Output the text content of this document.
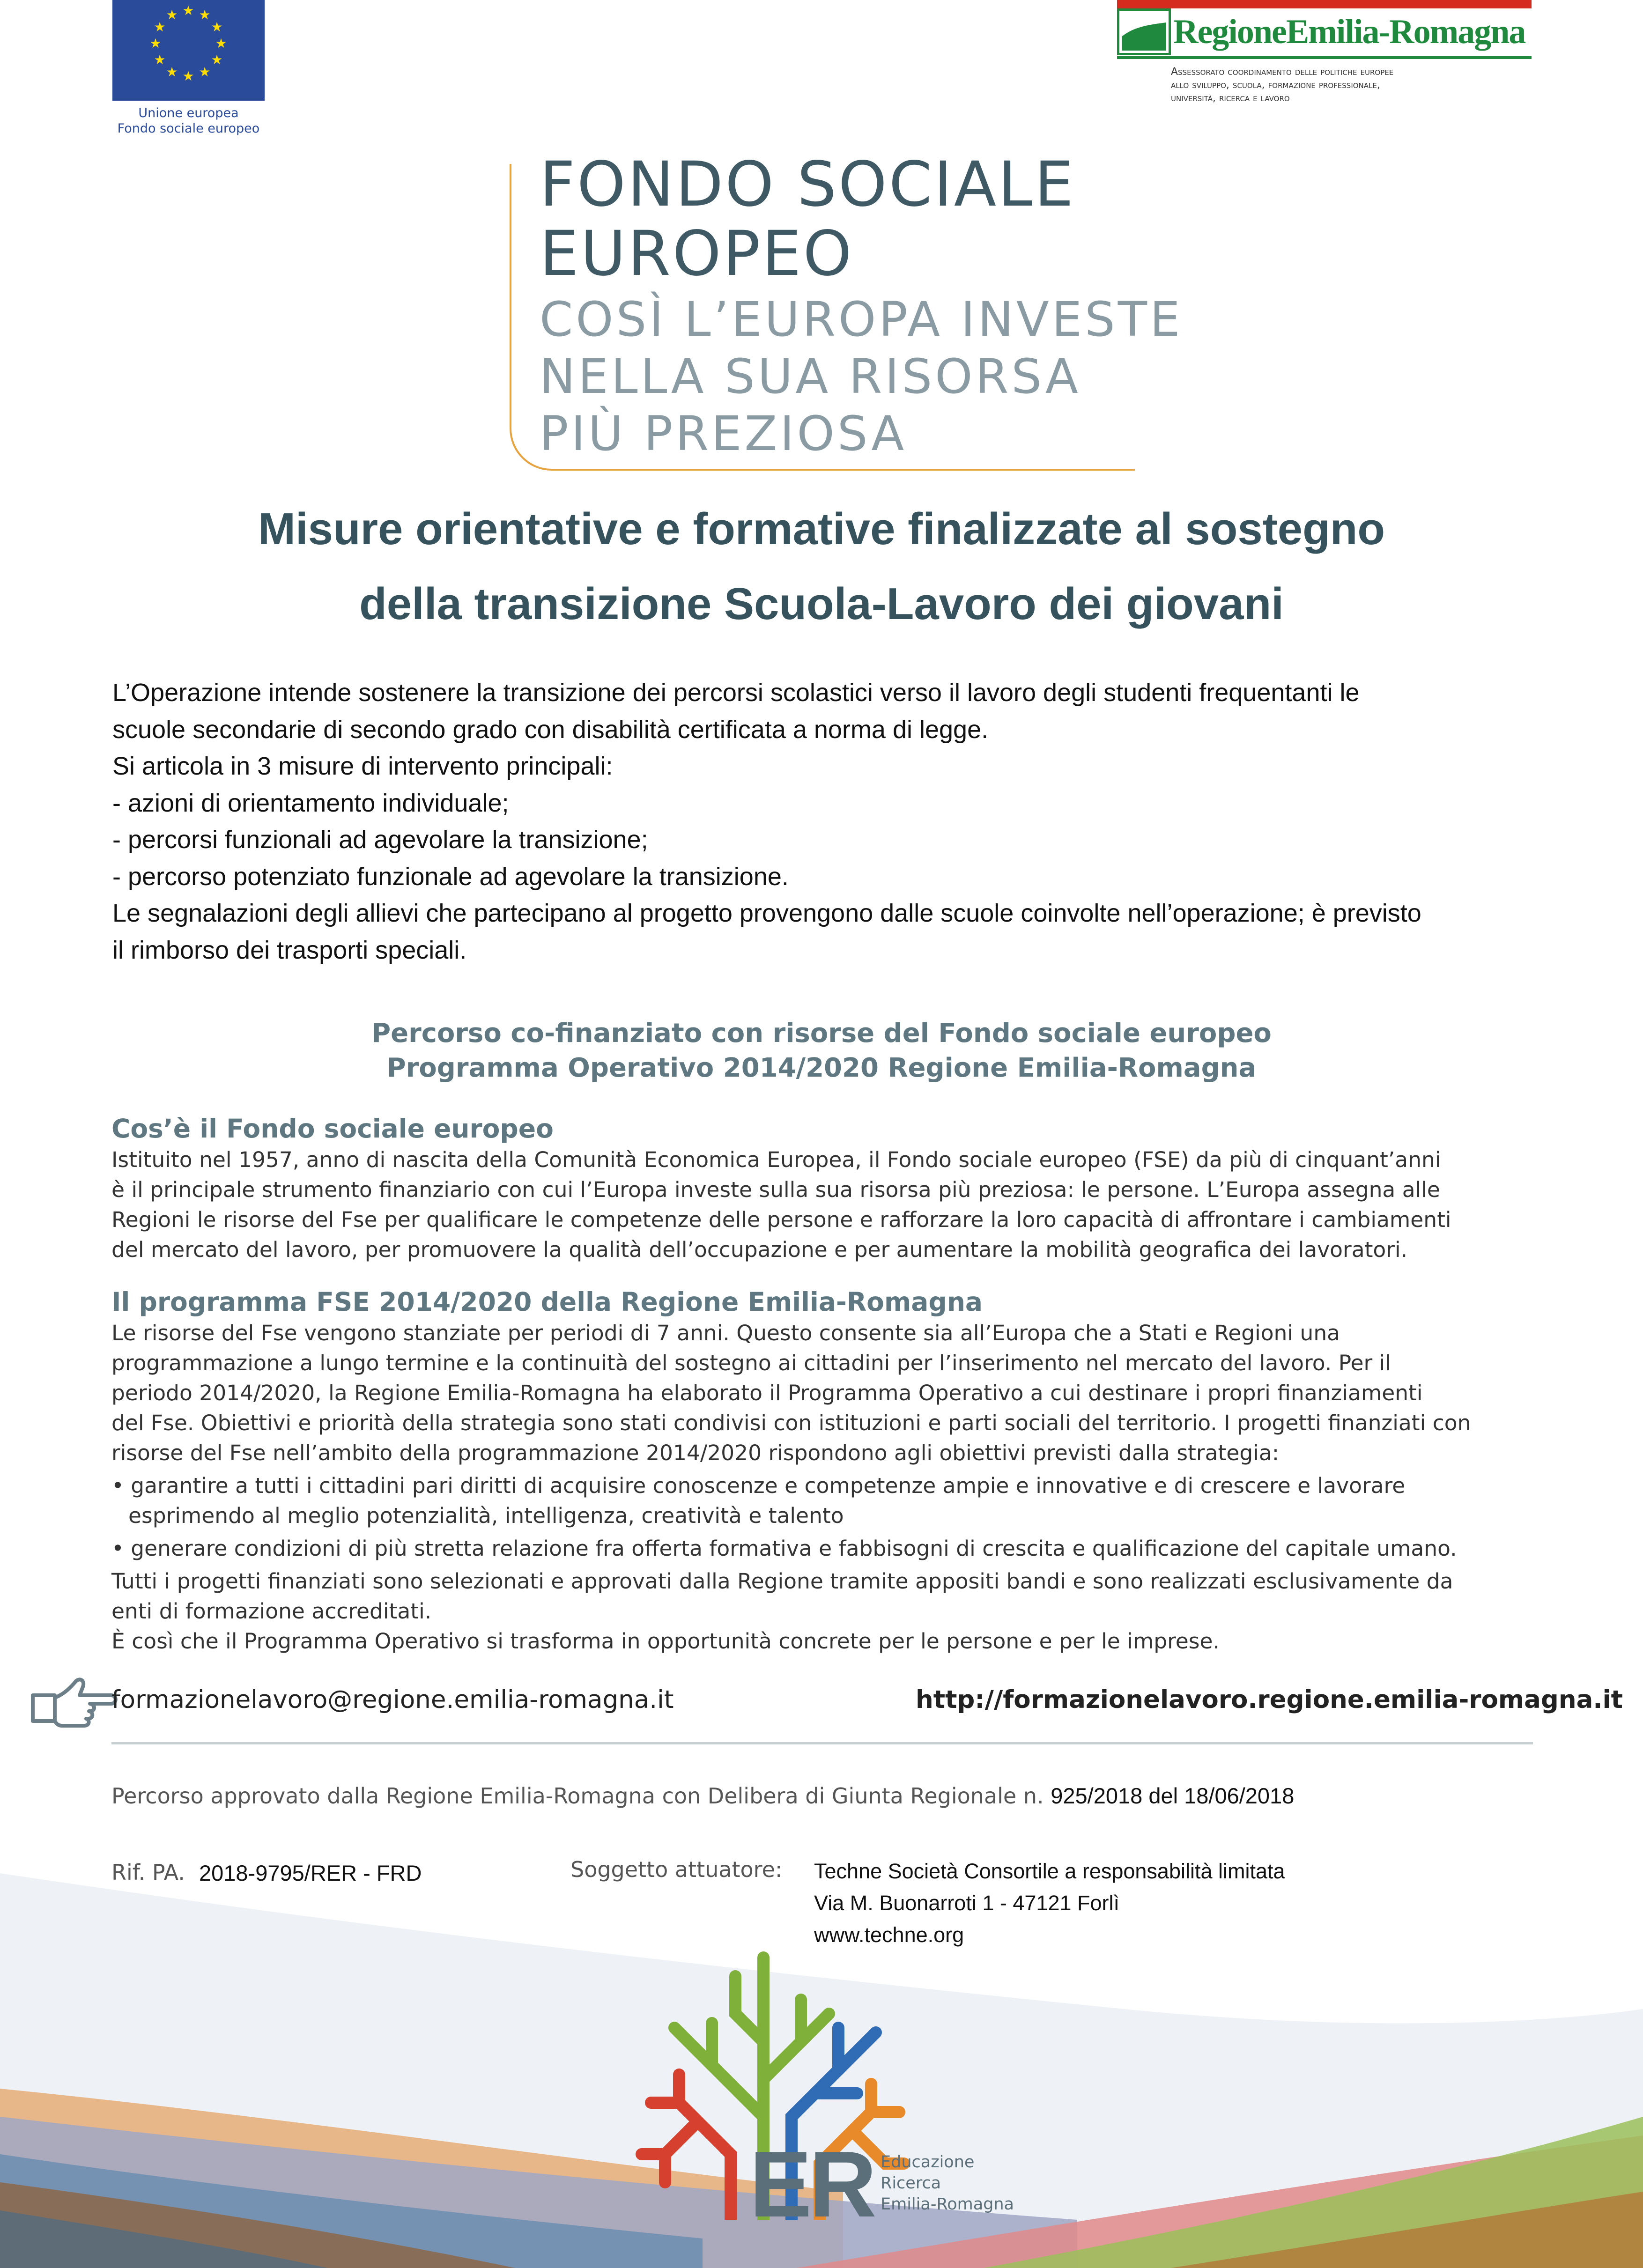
★ ★
★
★
★
★
★
★
★
★
★
★
Unione europea
Fondo sociale europeo
RegioneEmilia-Romagna
Assessorato coordinamento delle politiche europee
allo sviluppo, scuola, formazione professionale,
università, ricerca e lavoro
FONDO SOCIALE
EUROPEO
COSÌ L’EUROPA INVESTE
NELLA SUA RISORSA
PIÙ PREZIOSA
Misure orientative e formative finalizzate al sostegno
della transizione Scuola-Lavoro dei giovani
L’Operazione intende sostenere la transizione dei percorsi scolastici verso il lavoro degli studenti frequentanti le
scuole secondarie di secondo grado con disabilità certificata a norma di legge.
Si articola in 3 misure di intervento principali:
- azioni di orientamento individuale;
- percorsi funzionali ad agevolare la transizione;
- percorso potenziato funzionale ad agevolare la transizione.
Le segnalazioni degli allievi che partecipano al progetto provengono dalle scuole coinvolte nell’operazione; è previsto
il rimborso dei trasporti speciali.
Percorso co-finanziato con risorse del Fondo sociale europeo
Programma Operativo 2014/2020 Regione Emilia-Romagna
Cos’è il Fondo sociale europeo
Istituito nel 1957, anno di nascita della Comunità Economica Europea, il Fondo sociale europeo (FSE) da più di cinquant’anni
è il principale strumento finanziario con cui l’Europa investe sulla sua risorsa più preziosa: le persone. L’Europa assegna alle
Regioni le risorse del Fse per qualificare le competenze delle persone e rafforzare la loro capacità di affrontare i cambiamenti
del mercato del lavoro, per promuovere la qualità dell’occupazione e per aumentare la mobilità geografica dei lavoratori.
Il programma FSE 2014/2020 della Regione Emilia-Romagna
Le risorse del Fse vengono stanziate per periodi di 7 anni. Questo consente sia all’Europa che a Stati e Regioni una
programmazione a lungo termine e la continuità del sostegno ai cittadini per l’inserimento nel mercato del lavoro. Per il
periodo 2014/2020, la Regione Emilia-Romagna ha elaborato il Programma Operativo a cui destinare i propri finanziamenti
del Fse. Obiettivi e priorità della strategia sono stati condivisi con istituzioni e parti sociali del territorio. I progetti finanziati con
risorse del Fse nell’ambito della programmazione 2014/2020 rispondono agli obiettivi previsti dalla strategia:
• garantire a tutti i cittadini pari diritti di acquisire conoscenze e competenze ampie e innovative e di crescere e lavorare
esprimendo al meglio potenzialità, intelligenza, creatività e talento
• generare condizioni di più stretta relazione fra offerta formativa e fabbisogni di crescita e qualificazione del capitale umano.
Tutti i progetti finanziati sono selezionati e approvati dalla Regione tramite appositi bandi e sono realizzati esclusivamente da
enti di formazione accreditati.
È così che il Programma Operativo si trasforma in opportunità concrete per le persone e per le imprese.
formazionelavoro@regione.emilia-romagna.it	http://formazionelavoro.regione.emilia-romagna.it
Percorso approvato dalla Regione Emilia-Romagna con Delibera di Giunta Regionale n. 925/2018 del 18/06/2018
Rif. PA. 2018-9795/RER - FRD	Soggetto attuatore: Techne Società Consortile a responsabilità limitata
Via M. Buonarroti 1 - 47121 Forlì
www.techne.org
ER Educazione
Ricerca
Emilia-Romagna
